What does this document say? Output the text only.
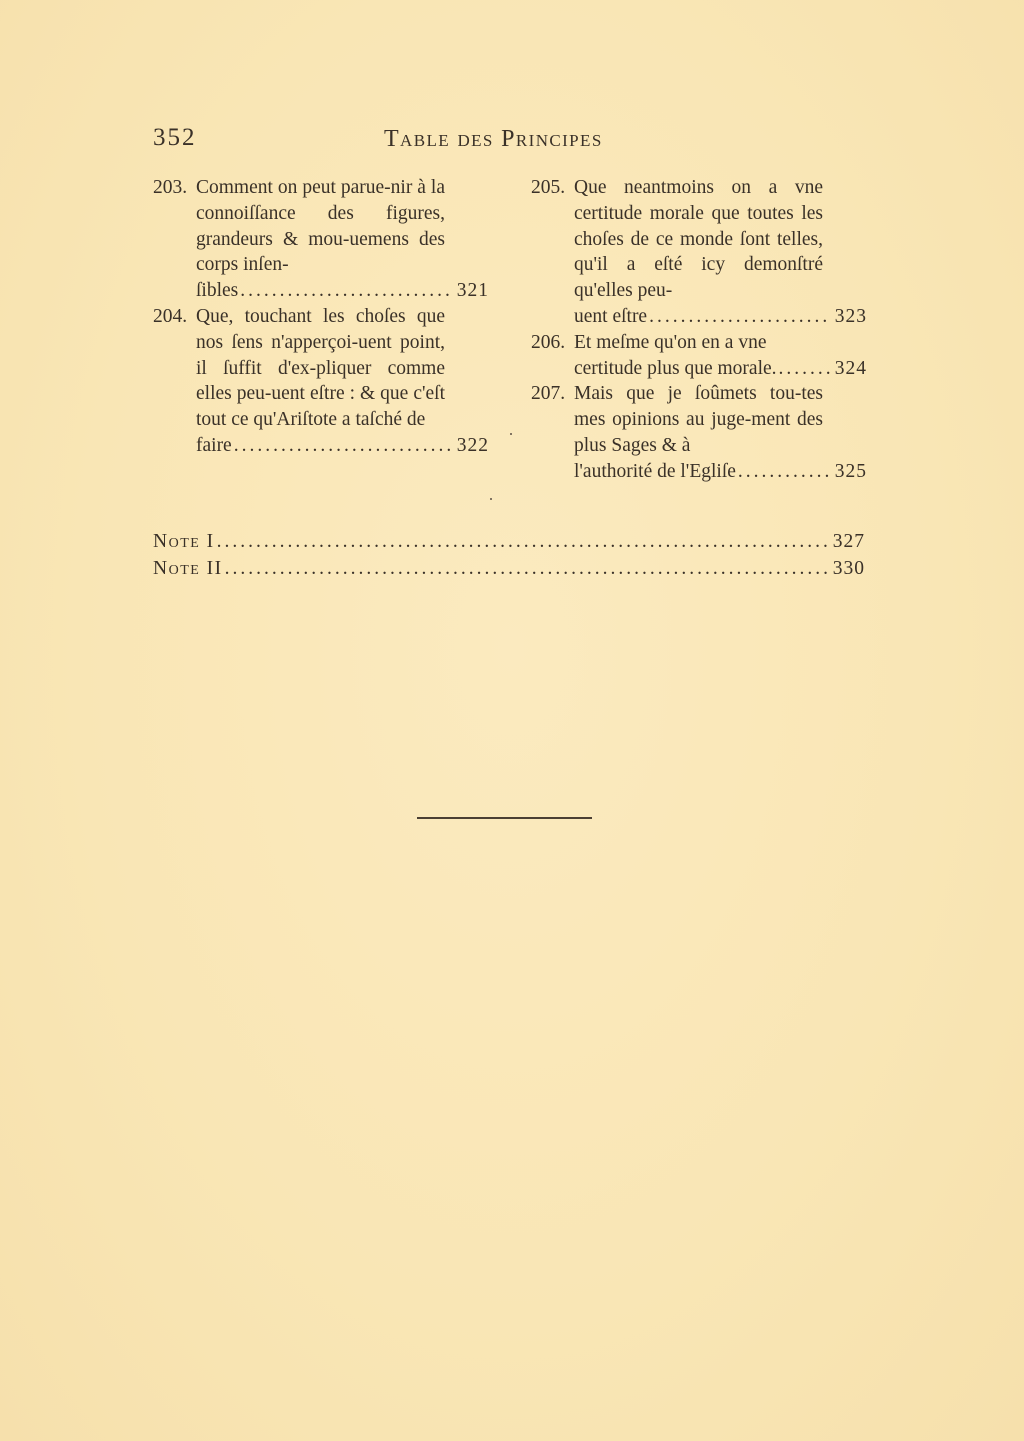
352	Table des Principes
203. Comment on peut parue-nir à la connoiſſance des figures, grandeurs & mou-uemens des corps inſen-
ſibles .....	321
204. Que, touchant les choſes que nos ſens n'apperçoi-uent point, il ſuffit d'ex-pliquer comme elles peu-uent eſtre : & que c'eſt tout ce qu'Ariſtote a taſché de
faire .....	322
205. Que neantmoins on a vne certitude morale que toutes les choſes de ce monde ſont telles, qu'il a eſté icy demonſtré qu'elles peu-
uent eſtre .....	323
206. Et meſme qu'on en a vne
certitude plus que morale. .....	324
207. Mais que je ſoûmets tou-tes mes opinions au juge-ment des plus Sages & à
l'authorité de l'Egliſe .....	325
Note I .....	327
Note II .....	330
